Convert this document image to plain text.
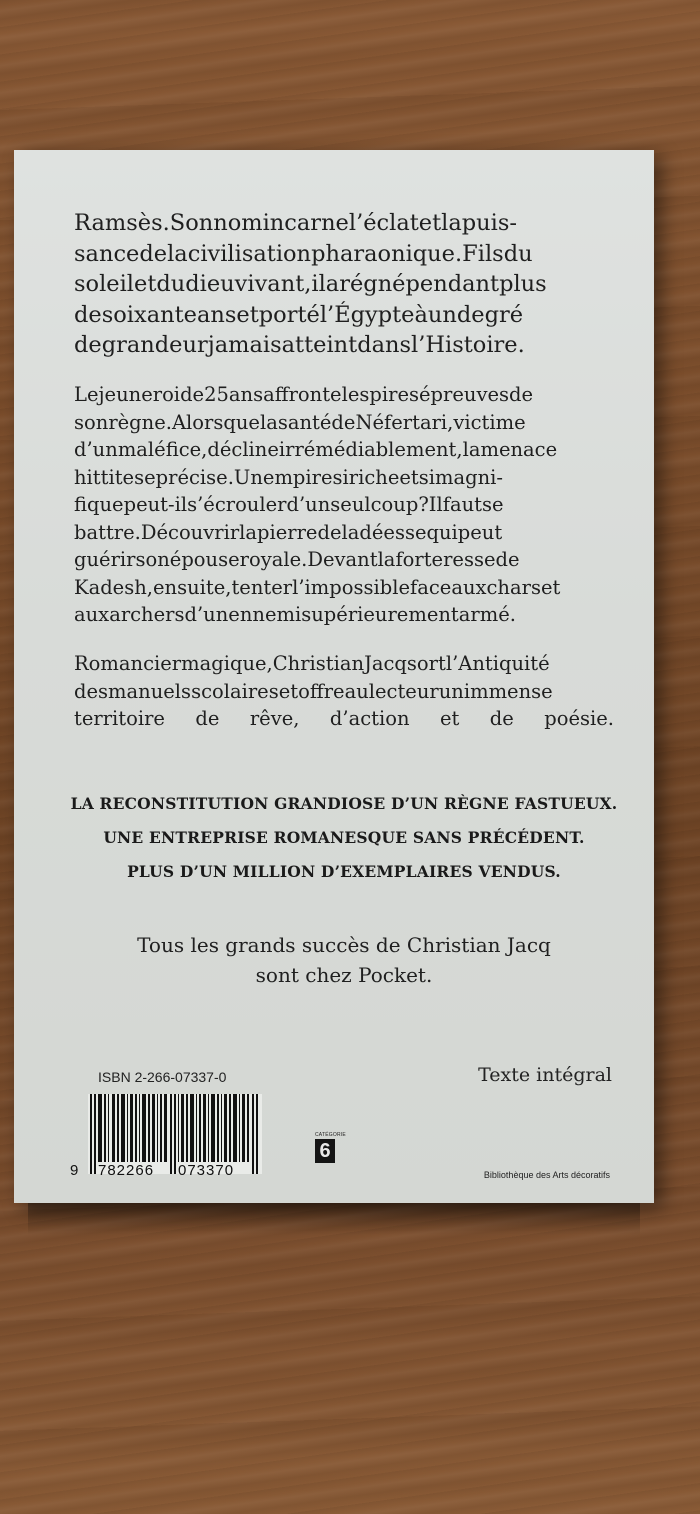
Ramsès.Sonnomincarnel’éclatetlapuis-
sancedelacivilisationpharaonique.Filsdu
soleiletdudieuvivant,ilarégnépendantplus
desoixanteansetportél’Égypteàundegré
degrandeurjamaisatteintdansl’Histoire.
Lejeuneroide25ansaffrontelespiresépreuvesde
sonrègne.AlorsquelasantédeNéfertari,victime
d’unmaléfice,déclineirrémédiablement,lamenace
hittiteseprécise.Unempiresiricheetsimagni-
fiquepeut-ils’écroulerd’unseulcoup?Ilfautse
battre.Découvrirlapierredeladéessequipeut
guérirsonépouseroyale.Devantlaforteressede
Kadesh,ensuite,tenterl’impossiblefaceauxcharset
auxarchersd’unennemisupérieurementarmé.
Romanciermagique,ChristianJacqsortl’Antiquité
desmanuelsscolairesetoffreaulecteurunimmense
territoire de rêve, d’action et de poésie.
LA RECONSTITUTION GRANDIOSE D’UN RÈGNE FASTUEUX.
UNE ENTREPRISE ROMANESQUE SANS PRÉCÉDENT.
PLUS D’UN MILLION D’EXEMPLAIRES VENDUS.
Tous les grands succès de Christian Jacq
sont chez Pocket.
ISBN 2-266-07337-0	Texte intégral

9

782266

073370

CATÉGORIE
6
Bibliothèque des Arts décoratifs
